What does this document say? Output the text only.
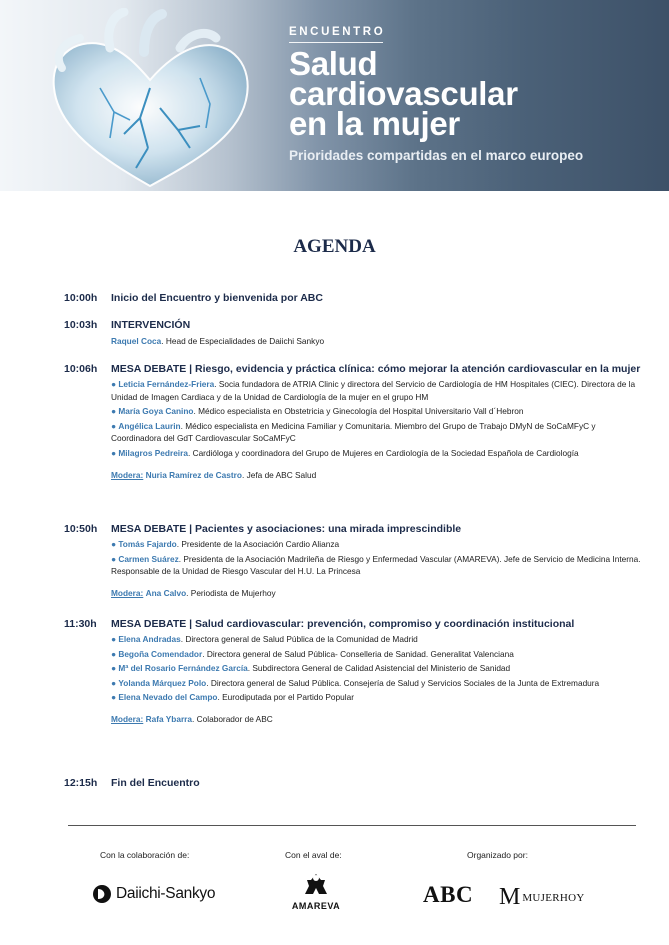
ENCUENTRO
Salud
cardiovascular
en la mujer
Prioridades compartidas en el marco europeo
AGENDA
10:00h	Inicio del Encuentro y bienvenida por ABC
10:03h	INTERVENCIÓN
Raquel Coca. Head de Especialidades de Daiichi Sankyo
10:06h	MESA DEBATE | Riesgo, evidencia y práctica clínica: cómo mejorar la atención cardiovascular en la mujer
● Leticia Fernández-Friera. Socia fundadora de ATRIA Clinic y directora del Servicio de Cardiología de HM Hospitales (CIEC). Directora de la Unidad de Imagen Cardiaca y de la Unidad de Cardiología de la mujer en el grupo HM
● María Goya Canino. Médico especialista en Obstetricia y Ginecología del Hospital Universitario Vall d´Hebron
● Angélica Laurin. Médico especialista en Medicina Familiar y Comunitaria. Miembro del Grupo de Trabajo DMyN de SoCaMFyC y Coordinadora del GdT Cardiovascular SoCaMFyC
● Milagros Pedreira. Cardióloga y coordinadora del Grupo de Mujeres en Cardiología de la Sociedad Española de Cardiología
Modera: Nuria Ramírez de Castro. Jefa de ABC Salud
10:50h	MESA DEBATE | Pacientes y asociaciones: una mirada imprescindible
● Tomás Fajardo. Presidente de la Asociación Cardio Alianza
● Carmen Suárez. Presidenta de la Asociación Madrileña de Riesgo y Enfermedad Vascular (AMAREVA). Jefe de Servicio de Medicina Interna. Responsable de la Unidad de Riesgo Vascular del H.U. La Princesa
Modera: Ana Calvo. Periodista de Mujerhoy
11:30h	MESA DEBATE | Salud cardiovascular: prevención, compromiso y coordinación institucional
● Elena Andradas. Directora general de Salud Pública de la Comunidad de Madrid
● Begoña Comendador. Directora general de Salud Pública- Conselleria de Sanidad. Generalitat Valenciana
● Mª del Rosario Fernández García. Subdirectora General de Calidad Asistencial del Ministerio de Sanidad
● Yolanda Márquez Polo. Directora general de Salud Pública. Consejería de Salud y Servicios Sociales de la Junta de Extremadura
● Elena Nevado del Campo. Eurodiputada por el Partido Popular
Modera: Rafa Ybarra. Colaborador de ABC
12:15h	Fin del Encuentro
Con la colaboración de:	Con el aval de:	Organizado por:
Daiichi-Sankyo
AMAREVA	ABC M MUJERHOY
